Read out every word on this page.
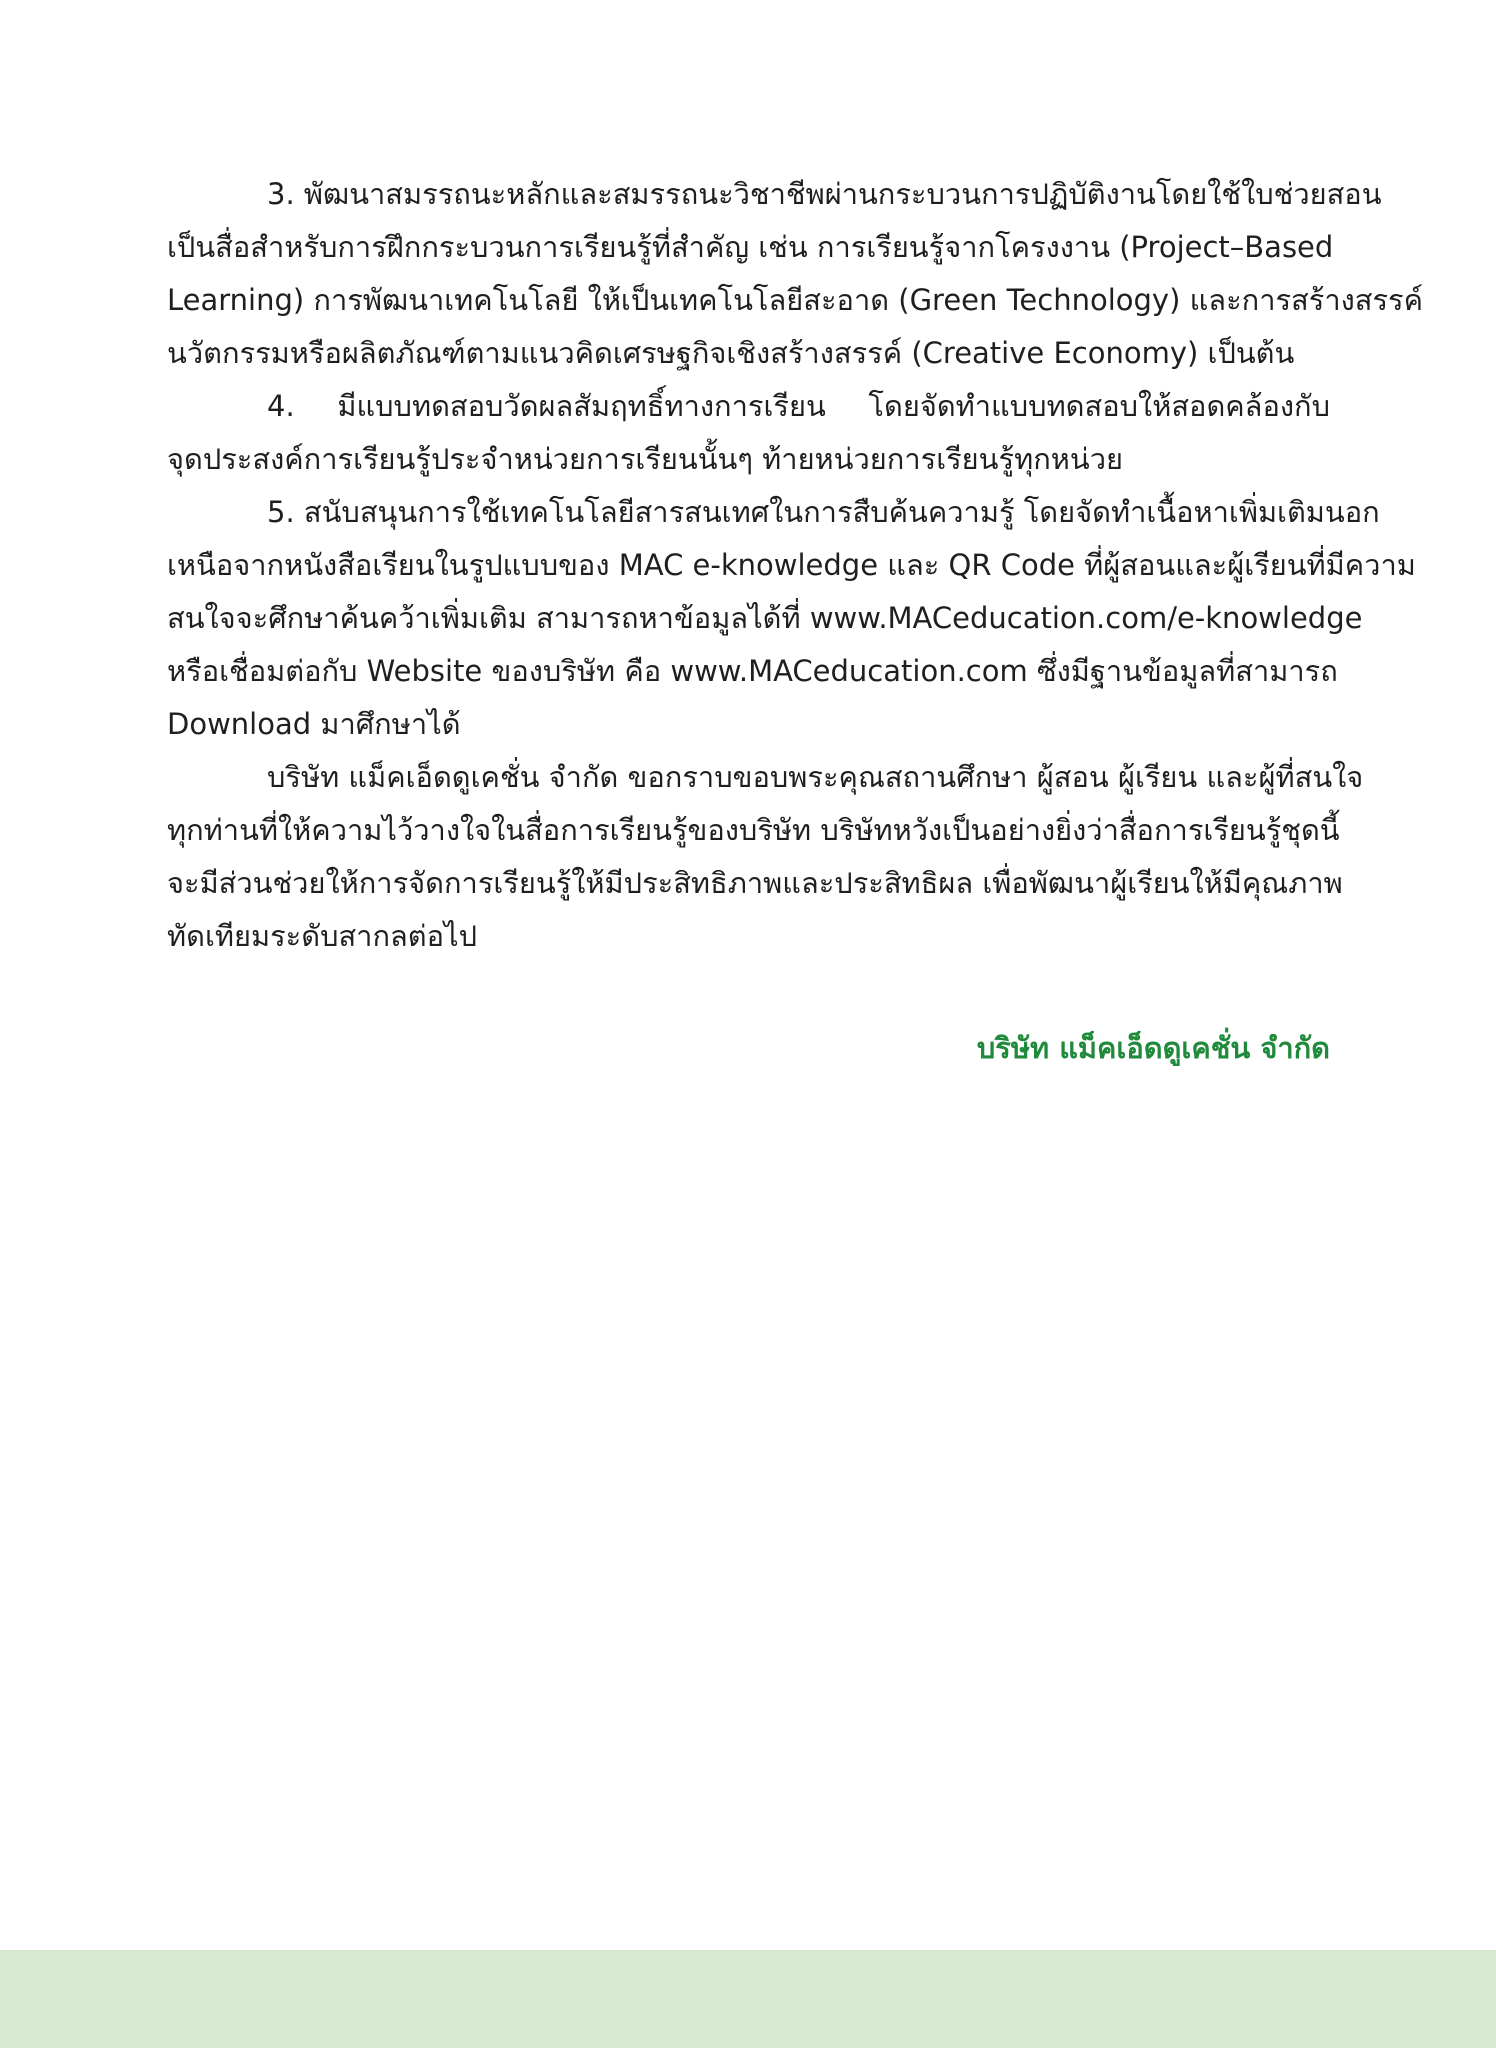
3. พัฒนาสมรรถนะหลักและสมรรถนะวิชาชีพผ่านกระบวนการปฏิบัติงานโดยใช้ใบช่วยสอน
เป็นสื่อสำหรับการฝึกกระบวนการเรียนรู้ที่สำคัญ เช่น การเรียนรู้จากโครงงาน (Project–Based
Learning) การพัฒนาเทคโนโลยี ให้เป็นเทคโนโลยีสะอาด (Green Technology) และการสร้างสรรค์
นวัตกรรมหรือผลิตภัณฑ์ตามแนวคิดเศรษฐกิจเชิงสร้างสรรค์ (Creative Economy) เป็นต้น
4. มีแบบทดสอบวัดผลสัมฤทธิ์ทางการเรียน โดยจัดทำแบบทดสอบให้สอดคล้องกับ
จุดประสงค์การเรียนรู้ประจำหน่วยการเรียนนั้นๆ ท้ายหน่วยการเรียนรู้ทุกหน่วย
5. สนับสนุนการใช้เทคโนโลยีสารสนเทศในการสืบค้นความรู้ โดยจัดทำเนื้อหาเพิ่มเติมนอก
เหนือจากหนังสือเรียนในรูปแบบของ MAC e-knowledge และ QR Code ที่ผู้สอนและผู้เรียนที่มีความ
สนใจจะศึกษาค้นคว้าเพิ่มเติม สามารถหาข้อมูลได้ที่ www.MACeducation.com/e-knowledge
หรือเชื่อมต่อกับ Website ของบริษัท คือ www.MACeducation.com ซึ่งมีฐานข้อมูลที่สามารถ
Download มาศึกษาได้
บริษัท แม็คเอ็ดดูเคชั่น จำกัด ขอกราบขอบพระคุณสถานศึกษา ผู้สอน ผู้เรียน และผู้ที่สนใจ
ทุกท่านที่ให้ความไว้วางใจในสื่อการเรียนรู้ของบริษัท บริษัทหวังเป็นอย่างยิ่งว่าสื่อการเรียนรู้ชุดนี้
จะมีส่วนช่วยให้การจัดการเรียนรู้ให้มีประสิทธิภาพและประสิทธิผล เพื่อพัฒนาผู้เรียนให้มีคุณภาพ
ทัดเทียมระดับสากลต่อไป
บริษัท แม็คเอ็ดดูเคชั่น จำกัด
